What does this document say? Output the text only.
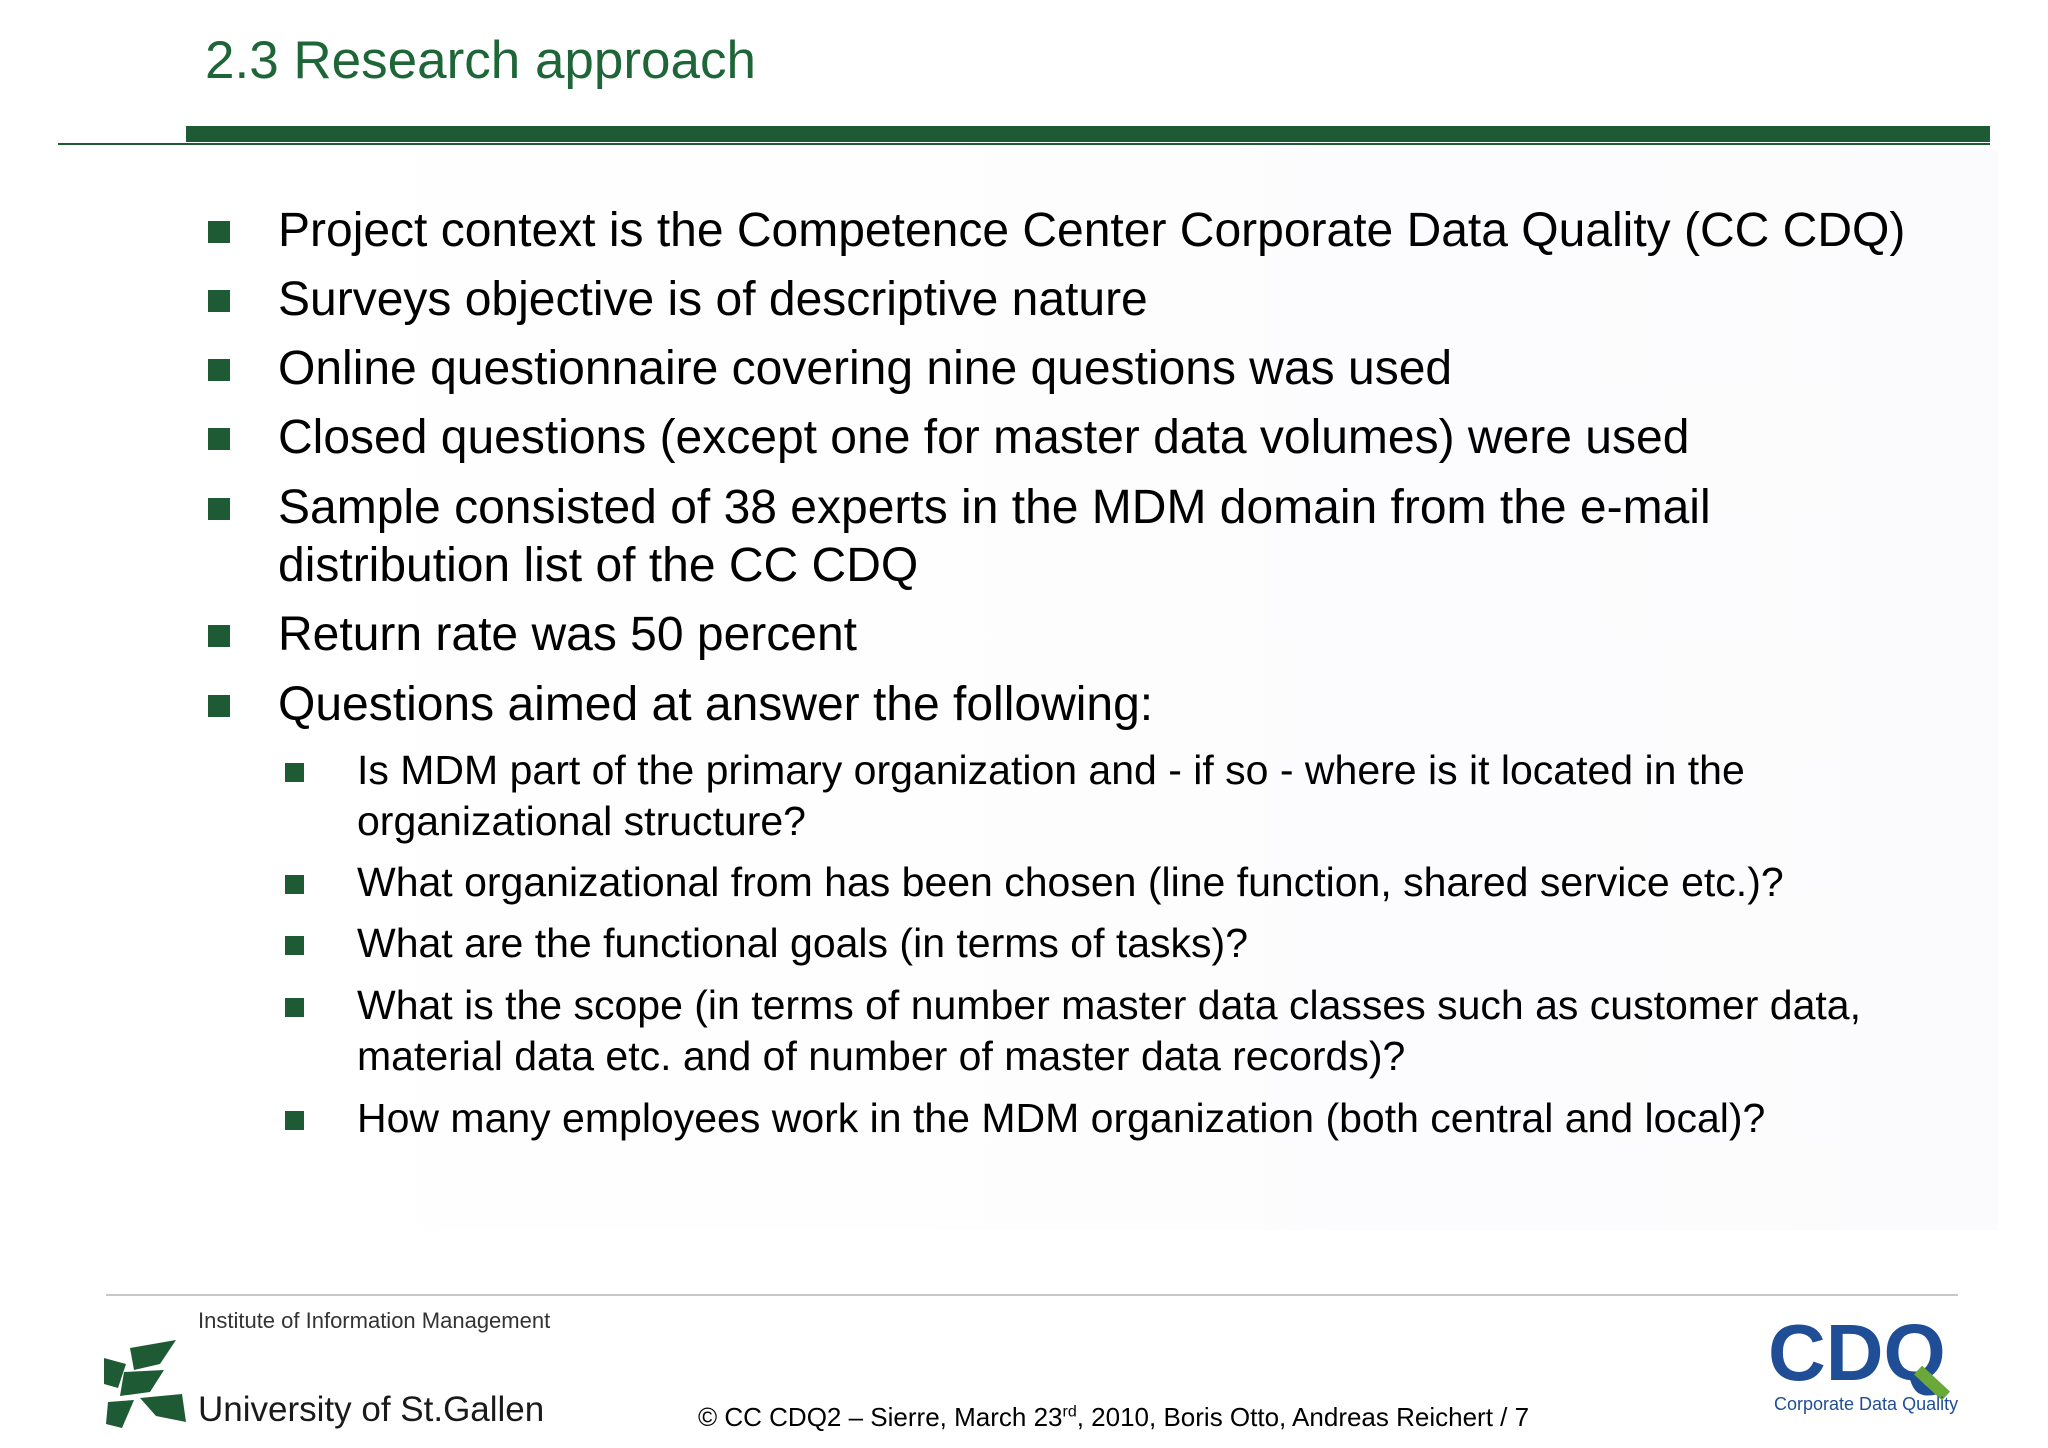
2.3 Research approach
Project context is the Competence Center Corporate Data Quality (CC CDQ)
Surveys objective is of descriptive nature
Online questionnaire covering nine questions was used
Closed questions (except one for master data volumes) were used
Sample consisted of 38 experts in the MDM domain from the e-mail distribution list of the CC CDQ
Return rate was 50 percent
Questions aimed at answer the following:
Is MDM part of the primary organization and - if so - where is it located in the organizational structure?
What organizational from has been chosen (line function, shared service etc.)?
What are the functional goals (in terms of tasks)?
What is the scope (in terms of number master data classes such as customer data, material data etc. and of number of master data records)?
How many employees work in the MDM organization (both central and local)?
Institute of Information Management
University of St.Gallen	© CC CDQ2 – Sierre, March 23rd, 2010, Boris Otto, Andreas Reichert / 7
CDQ
Corporate Data Quality
